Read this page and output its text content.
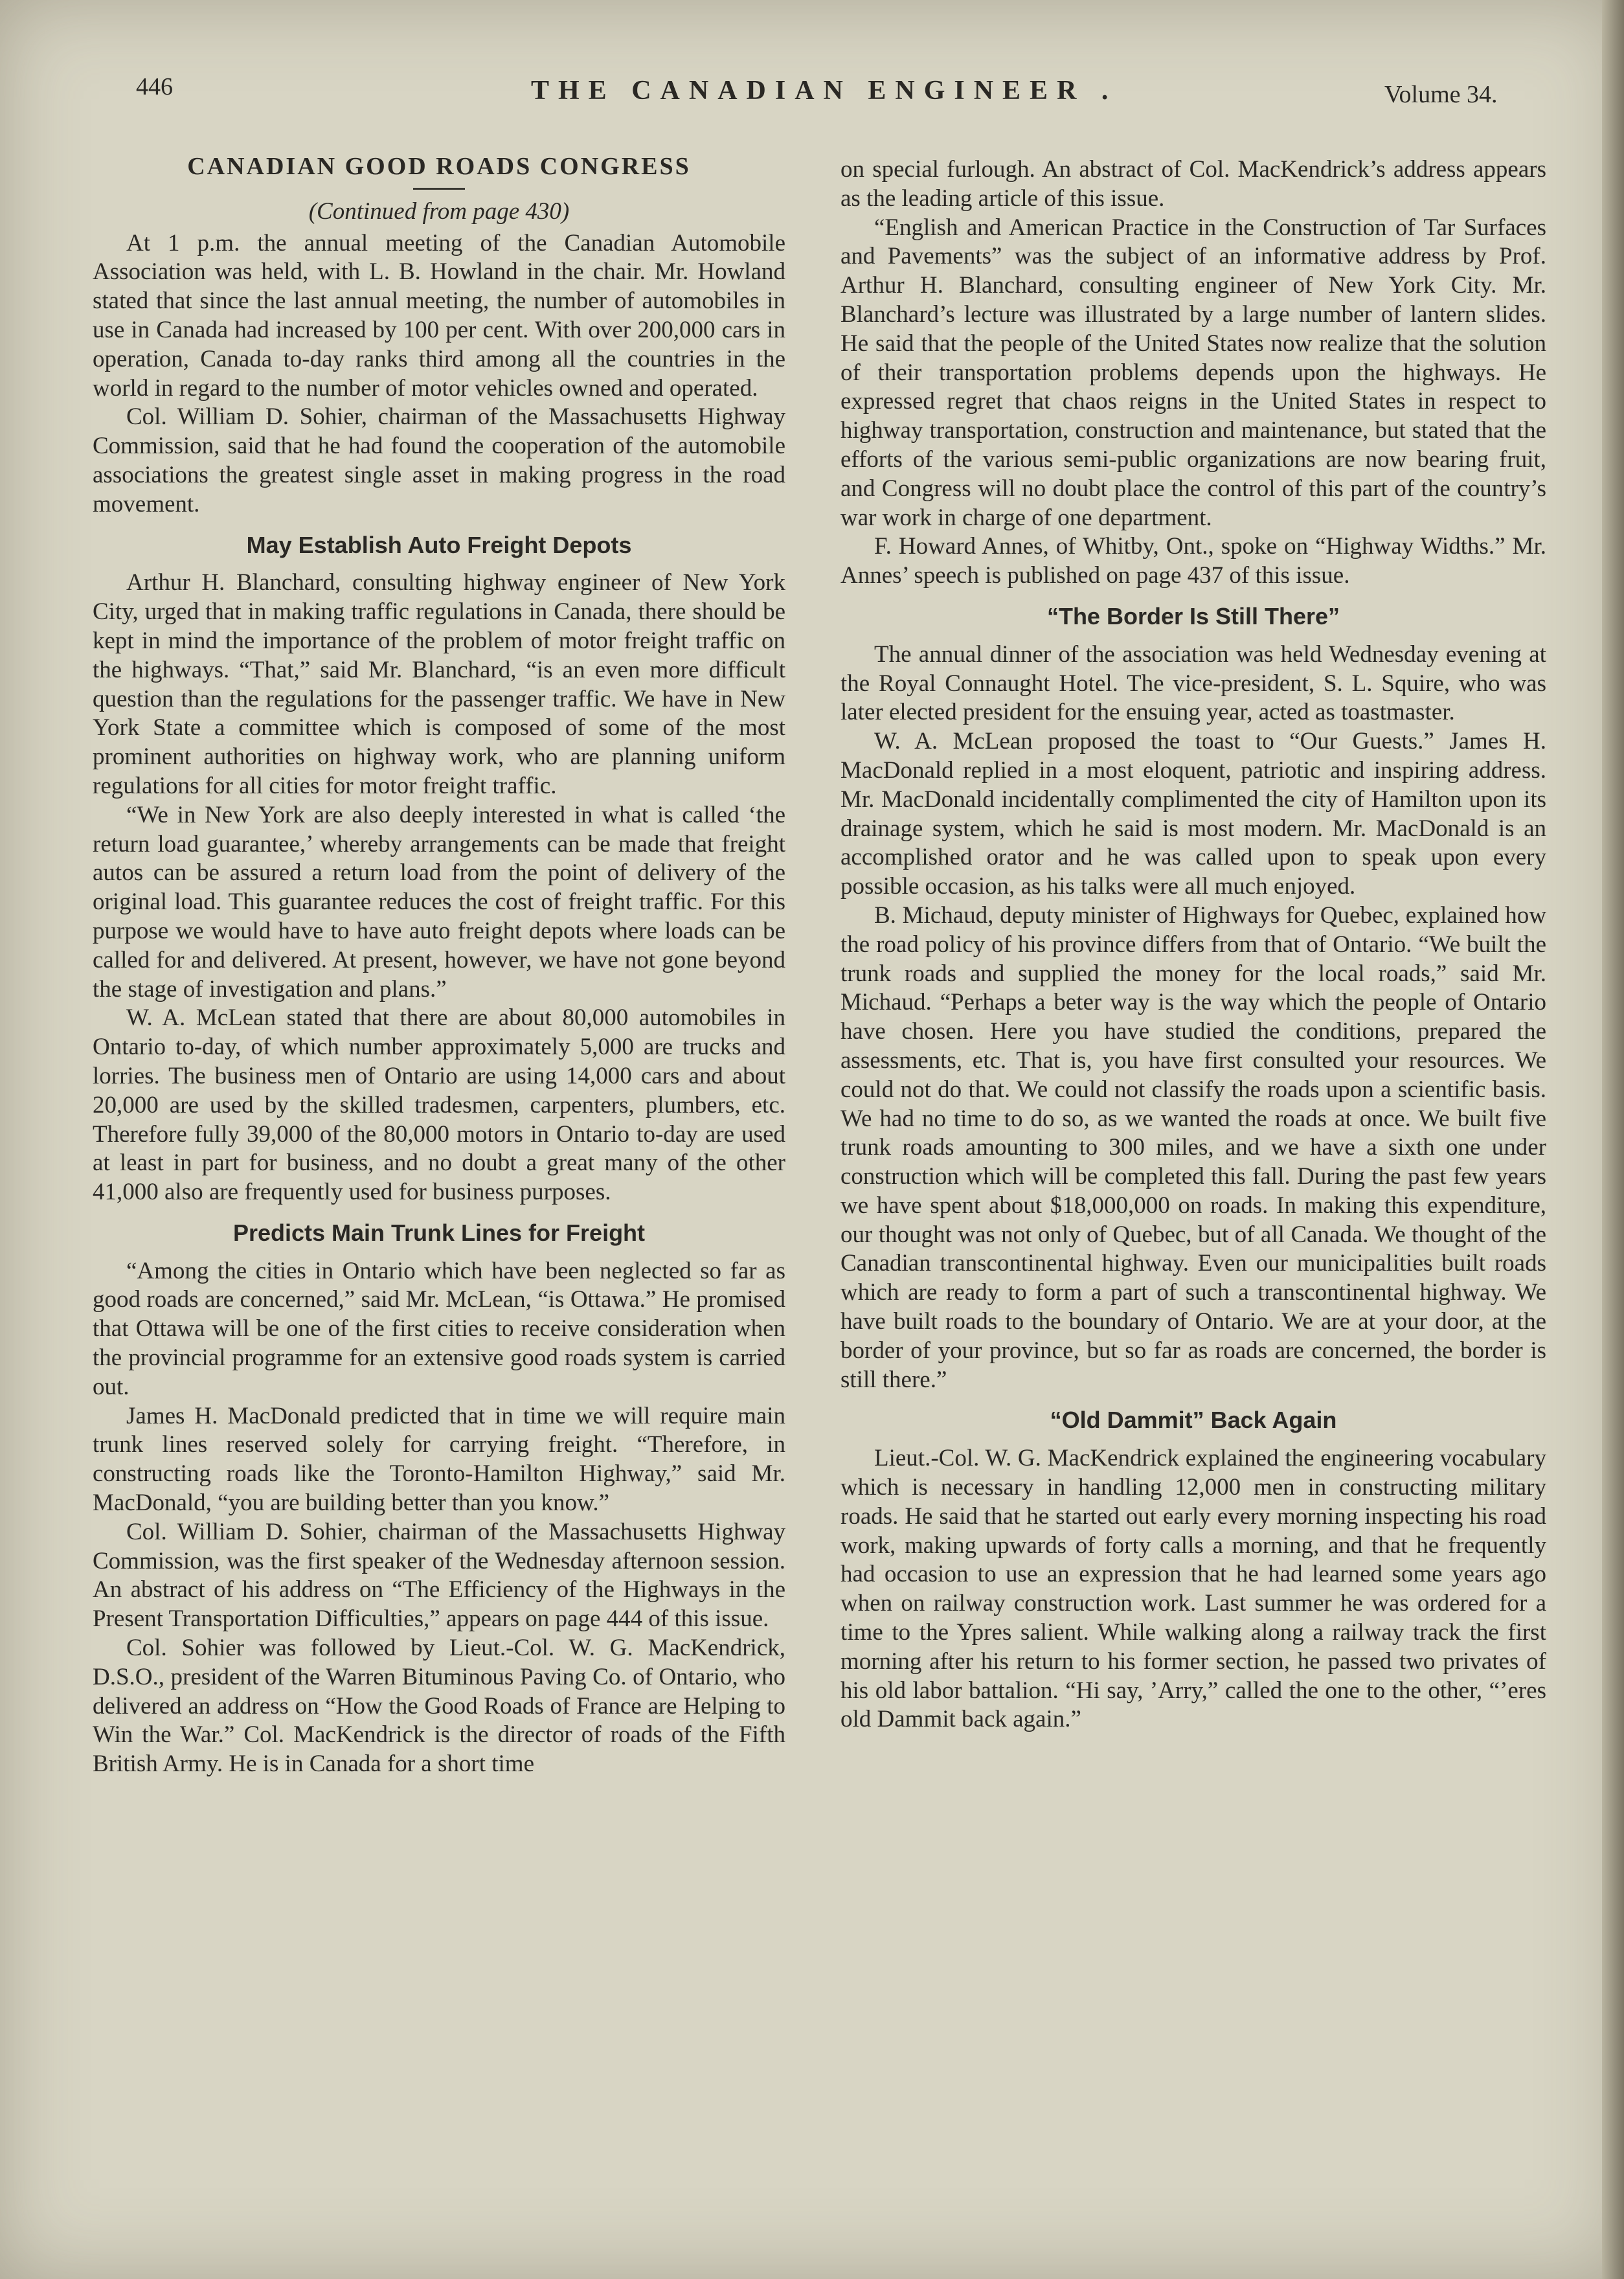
446	THE CANADIAN ENGINEER .	Volume 34.
CANADIAN GOOD ROADS CONGRESS
(Continued from page 430)

At 1 p.m. the annual meeting of the Canadian Automobile Association was held, with L. B. Howland in the chair. Mr. Howland stated that since the last annual meeting, the number of automobiles in use in Canada had increased by 100 per cent. With over 200,000 cars in operation, Canada to-day ranks third among all the countries in the world in regard to the number of motor vehicles owned and operated.

Col. William D. Sohier, chairman of the Massachusetts Highway Commission, said that he had found the cooperation of the automobile associations the greatest single asset in making progress in the road movement.

May Establish Auto Freight Depots

Arthur H. Blanchard, consulting highway engineer of New York City, urged that in making traffic regulations in Canada, there should be kept in mind the importance of the problem of motor freight traffic on the highways. “That,” said Mr. Blanchard, “is an even more difficult question than the regulations for the passenger traffic. We have in New York State a committee which is composed of some of the most prominent authorities on highway work, who are planning uniform regulations for all cities for motor freight traffic.

“We in New York are also deeply interested in what is called ‘the return load guarantee,’ whereby arrangements can be made that freight autos can be assured a return load from the point of delivery of the original load. This guarantee reduces the cost of freight traffic. For this purpose we would have to have auto freight depots where loads can be called for and delivered. At present, however, we have not gone beyond the stage of investigation and plans.”

W. A. McLean stated that there are about 80,000 automobiles in Ontario to-day, of which number approximately 5,000 are trucks and lorries. The business men of Ontario are using 14,000 cars and about 20,000 are used by the skilled tradesmen, carpenters, plumbers, etc. Therefore fully 39,000 of the 80,000 motors in Ontario to-day are used at least in part for business, and no doubt a great many of the other 41,000 also are frequently used for business purposes.

Predicts Main Trunk Lines for Freight

“Among the cities in Ontario which have been neglected so far as good roads are concerned,” said Mr. McLean, “is Ottawa.” He promised that Ottawa will be one of the first cities to receive consideration when the provincial programme for an extensive good roads system is carried out.

James H. MacDonald predicted that in time we will require main trunk lines reserved solely for carrying freight. “Therefore, in constructing roads like the Toronto-Hamilton Highway,” said Mr. MacDonald, “you are building better than you know.”

Col. William D. Sohier, chairman of the Massachusetts Highway Commission, was the first speaker of the Wednesday afternoon session. An abstract of his address on “The Efficiency of the Highways in the Present Transportation Difficulties,” appears on page 444 of this issue.

Col. Sohier was followed by Lieut.-Col. W. G. MacKendrick, D.S.O., president of the Warren Bituminous Paving Co. of Ontario, who delivered an address on “How the Good Roads of France are Helping to Win the War.” Col. MacKendrick is the director of roads of the Fifth British Army. He is in Canada for a short time

on special furlough. An abstract of Col. MacKendrick’s address appears as the leading article of this issue.

“English and American Practice in the Construction of Tar Surfaces and Pavements” was the subject of an informative address by Prof. Arthur H. Blanchard, consulting engineer of New York City. Mr. Blanchard’s lecture was illustrated by a large number of lantern slides. He said that the people of the United States now realize that the solution of their transportation problems depends upon the highways. He expressed regret that chaos reigns in the United States in respect to highway transportation, construction and maintenance, but stated that the efforts of the various semi-public organizations are now bearing fruit, and Congress will no doubt place the control of this part of the country’s war work in charge of one department.

F. Howard Annes, of Whitby, Ont., spoke on “Highway Widths.” Mr. Annes’ speech is published on page 437 of this issue.

“The Border Is Still There”

The annual dinner of the association was held Wednesday evening at the Royal Connaught Hotel. The vice-president, S. L. Squire, who was later elected president for the ensuing year, acted as toastmaster.

W. A. McLean proposed the toast to “Our Guests.” James H. MacDonald replied in a most eloquent, patriotic and inspiring address. Mr. MacDonald incidentally complimented the city of Hamilton upon its drainage system, which he said is most modern. Mr. MacDonald is an accomplished orator and he was called upon to speak upon every possible occasion, as his talks were all much enjoyed.

B. Michaud, deputy minister of Highways for Quebec, explained how the road policy of his province differs from that of Ontario. “We built the trunk roads and supplied the money for the local roads,” said Mr. Michaud. “Perhaps a beter way is the way which the people of Ontario have chosen. Here you have studied the conditions, prepared the assessments, etc. That is, you have first consulted your resources. We could not do that. We could not classify the roads upon a scientific basis. We had no time to do so, as we wanted the roads at once. We built five trunk roads amounting to 300 miles, and we have a sixth one under construction which will be completed this fall. During the past few years we have spent about $18,000,000 on roads. In making this expenditure, our thought was not only of Quebec, but of all Canada. We thought of the Canadian transcontinental highway. Even our municipalities built roads which are ready to form a part of such a transcontinental highway. We have built roads to the boundary of Ontario. We are at your door, at the border of your province, but so far as roads are concerned, the border is still there.”

“Old Dammit” Back Again

Lieut.-Col. W. G. MacKendrick explained the engineering vocabulary which is necessary in handling 12,000 men in constructing military roads. He said that he started out early every morning inspecting his road work, making upwards of forty calls a morning, and that he frequently had occasion to use an expression that he had learned some years ago when on railway construction work. Last summer he was ordered for a time to the Ypres salient. While walking along a railway track the first morning after his return to his former section, he passed two privates of his old labor battalion. “Hi say, ’Arry,” called the one to the other, “’eres old Dammit back again.”
